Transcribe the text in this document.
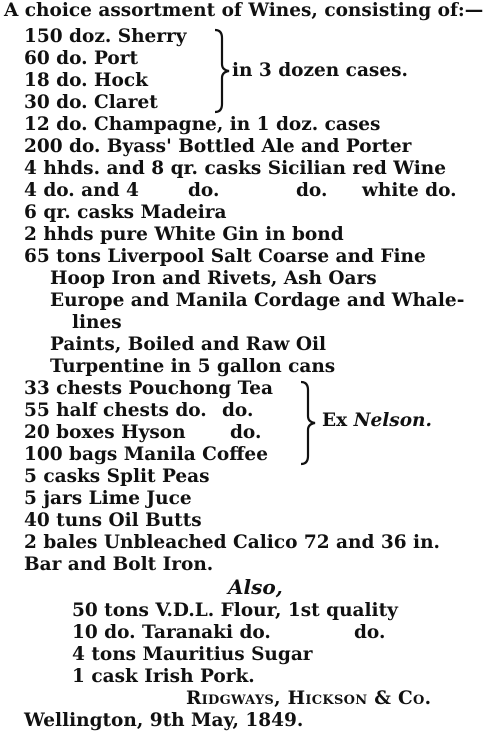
A choice assortment of Wines, consisting of:—
150 doz. Sherry
60 do. Port
18 do. Hock
30 do. Claret
in 3 dozen cases.
12 do. Champagne, in 1 doz. cases
200 do. Byass' Bottled Ale and Porter
4 hhds. and 8 qr. casks Sicilian red Wine
4 do. and 4	do.	do. white do.
6 qr. casks Madeira
2 hhds pure White Gin in bond
65 tons Liverpool Salt Coarse and Fine
Hoop Iron and Rivets, Ash Oars
Europe and Manila Cordage and Whale-
lines
Paints, Boiled and Raw Oil
Turpentine in 5 gallon cans
33 chests Pouchong Tea
55 half chests do. do.
20 boxes Hyson do.
100 bags Manila Coffee
Ex Nelson.
5 casks Split Peas
5 jars Lime Juce
40 tuns Oil Butts
2 bales Unbleached Calico 72 and 36 in.
Bar and Bolt Iron.
Also,
50 tons V.D.L. Flour, 1st quality
10 do. Taranaki do.	do.
4 tons Mauritius Sugar
1 cask Irish Pork.
Ridgways, Hickson & Co.
Wellington, 9th May, 1849.
